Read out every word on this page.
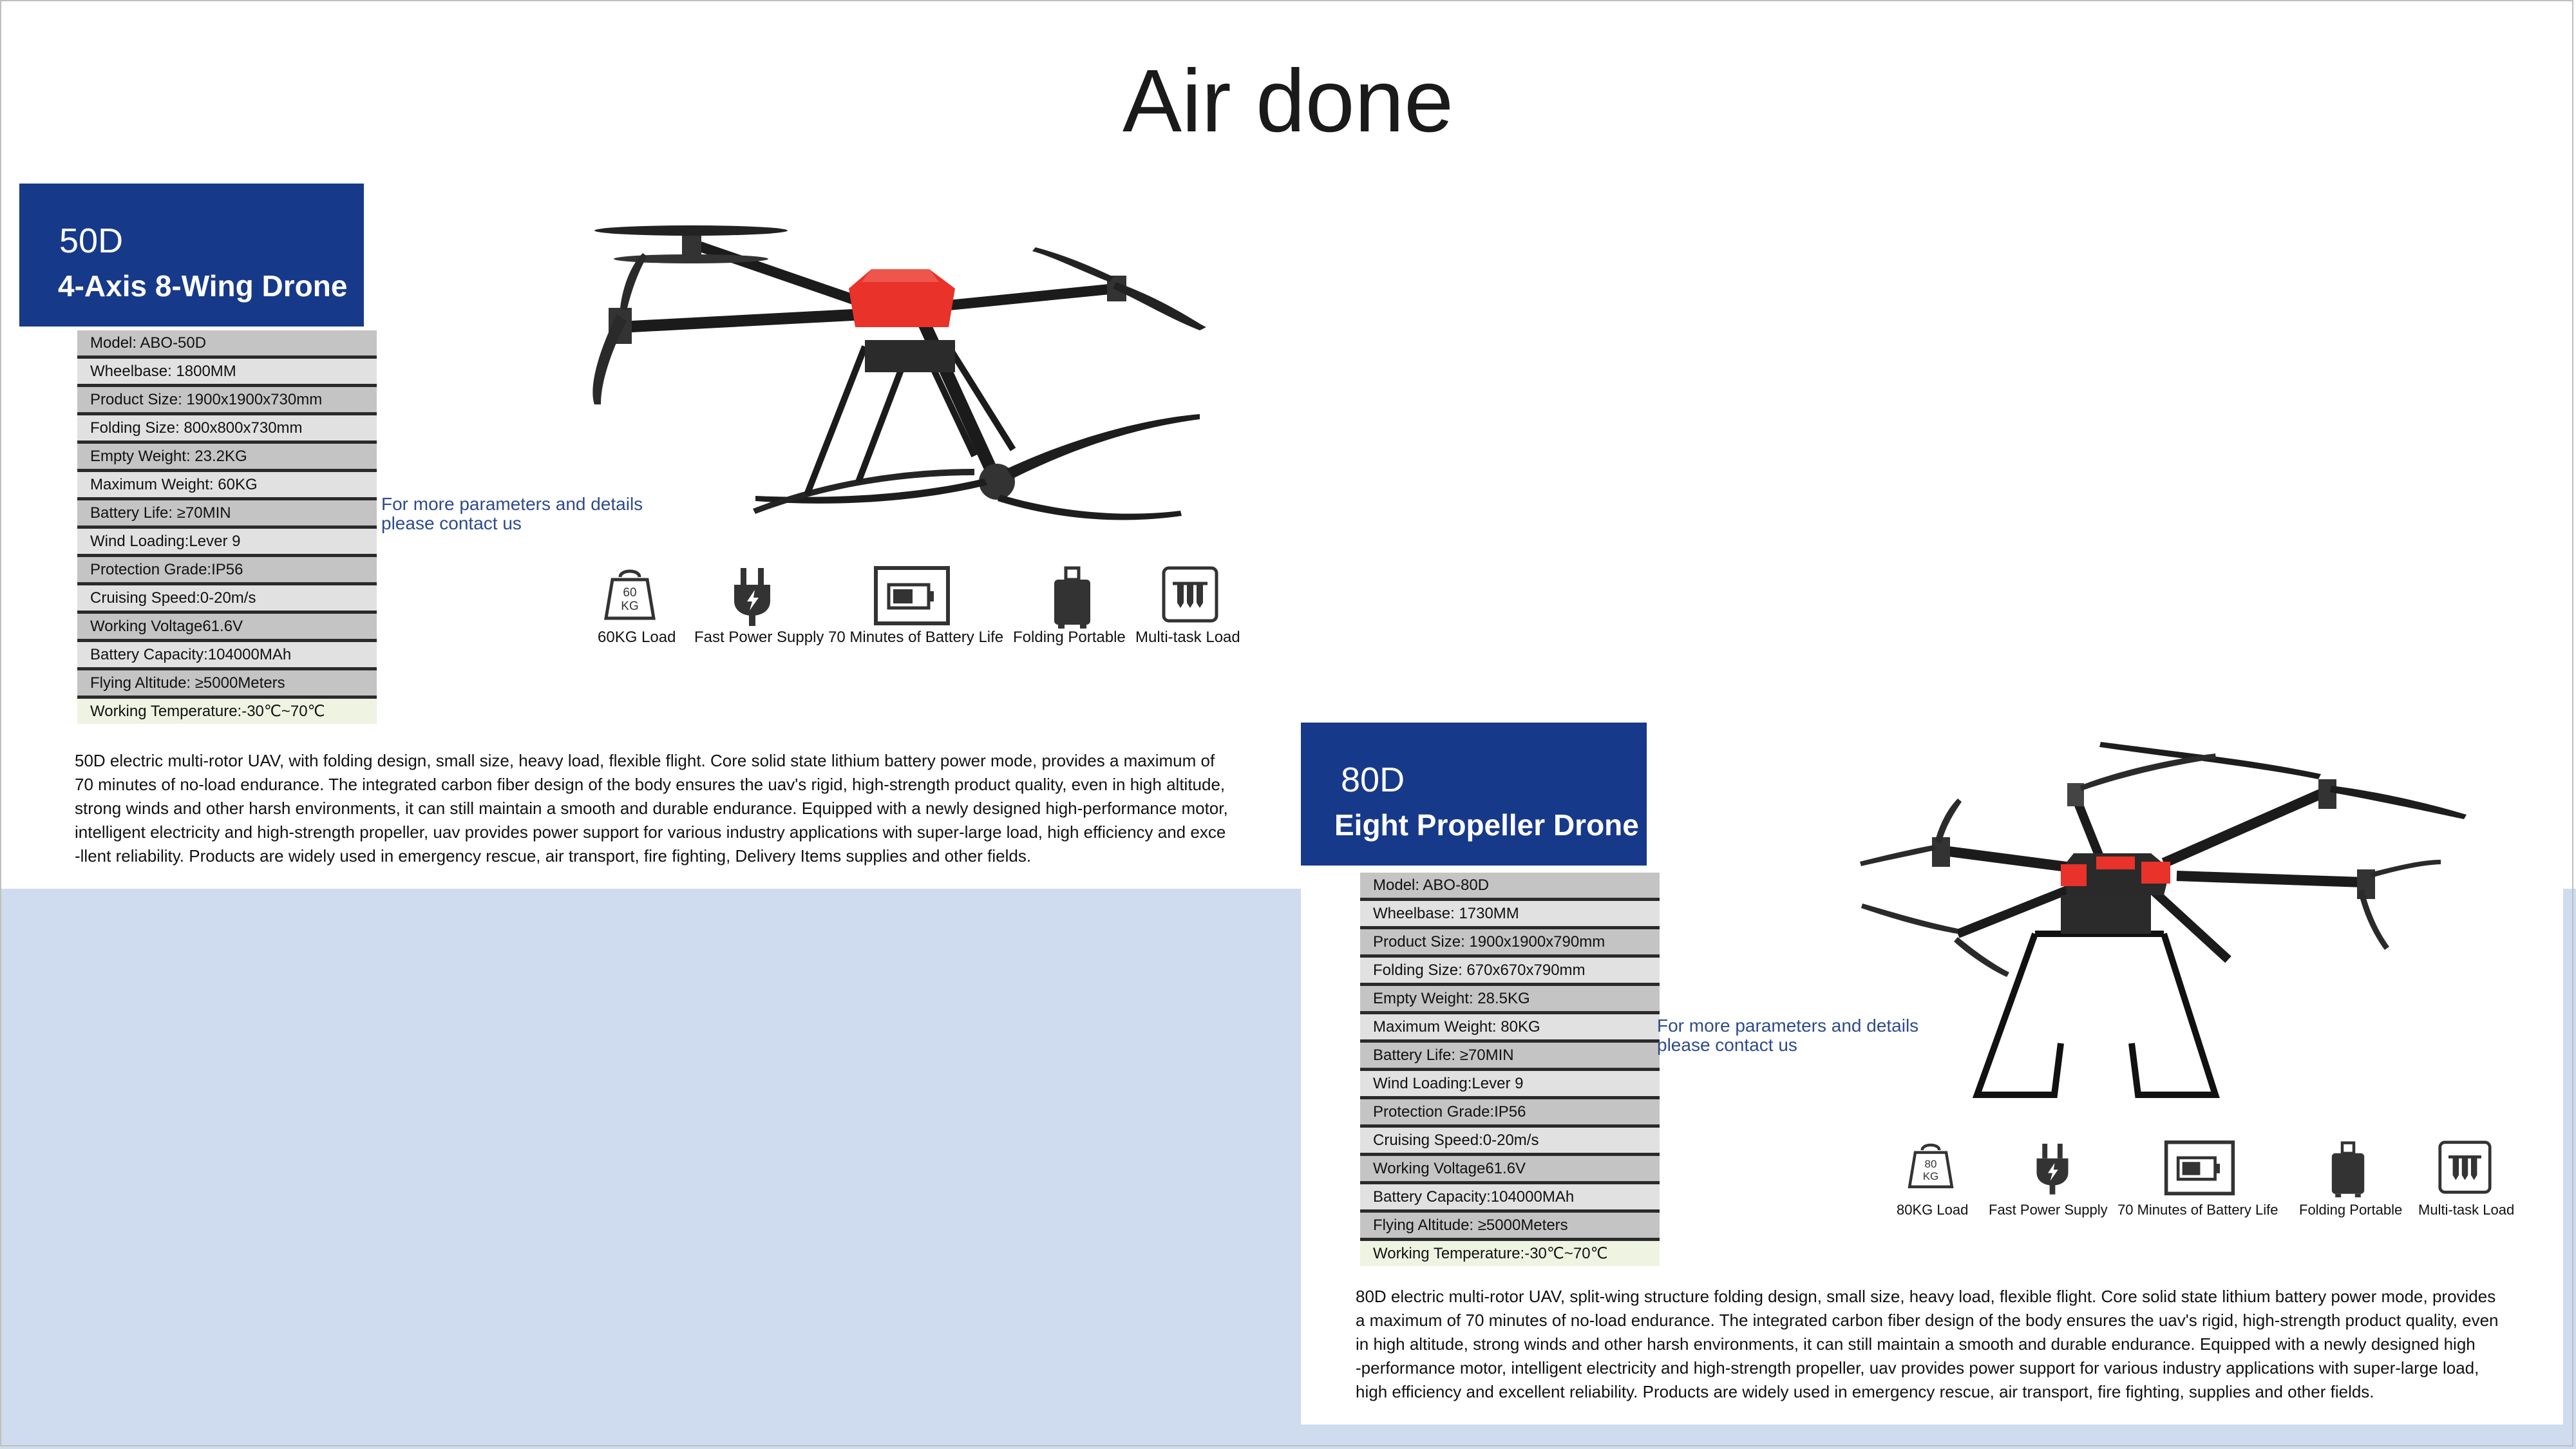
Air done
50D
4-Axis 8-Wing Drone
Model: ABO-50D
Wheelbase: 1800MM
Product Size: 1900x1900x730mm
Folding Size: 800x800x730mm
Empty Weight: 23.2KG
Maximum Weight: 60KG
Battery Life: ≥70MIN
Wind Loading:Lever 9
Protection Grade:IP56
Cruising Speed:0-20m/s
Working Voltage61.6V
Battery Capacity:104000MAh
Flying Altitude: ≥5000Meters
Working Temperature:-30℃~70℃
For more parameters and details
please contact us
60
KG
60KG Load Fast Power Supply 70 Minutes of Battery Life Folding Portable Multi-task Load
50D electric multi-rotor UAV, with folding design, small size, heavy load, flexible flight. Core solid state lithium battery power mode, provides a maximum of
70 minutes of no-load endurance. The integrated carbon fiber design of the body ensures the uav's rigid, high-strength product quality, even in high altitude,
strong winds and other harsh environments, it can still maintain a smooth and durable endurance. Equipped with a newly designed high-performance motor,
intelligent electricity and high-strength propeller, uav provides power support for various industry applications with super-large load, high efficiency and exce
-llent reliability. Products are widely used in emergency rescue, air transport, fire fighting, Delivery Items supplies and other fields.
80D
Eight Propeller Drone
Model: ABO-80D
Wheelbase: 1730MM
Product Size: 1900x1900x790mm
Folding Size: 670x670x790mm
Empty Weight: 28.5KG
Maximum Weight: 80KG
Battery Life: ≥70MIN
Wind Loading:Lever 9
Protection Grade:IP56
Cruising Speed:0-20m/s
Working Voltage61.6V
Battery Capacity:104000MAh
Flying Altitude: ≥5000Meters
Working Temperature:-30℃~70℃
For more parameters and details
please contact us
80
KG
80KG Load Fast Power Supply 70 Minutes of Battery Life Folding Portable Multi-task Load
80D electric multi-rotor UAV, split-wing structure folding design, small size, heavy load, flexible flight. Core solid state lithium battery power mode, provides
a maximum of 70 minutes of no-load endurance. The integrated carbon fiber design of the body ensures the uav's rigid, high-strength product quality, even
in high altitude, strong winds and other harsh environments, it can still maintain a smooth and durable endurance. Equipped with a newly designed high
-performance motor, intelligent electricity and high-strength propeller, uav provides power support for various industry applications with super-large load,
high efficiency and excellent reliability. Products are widely used in emergency rescue, air transport, fire fighting, supplies and other fields.
